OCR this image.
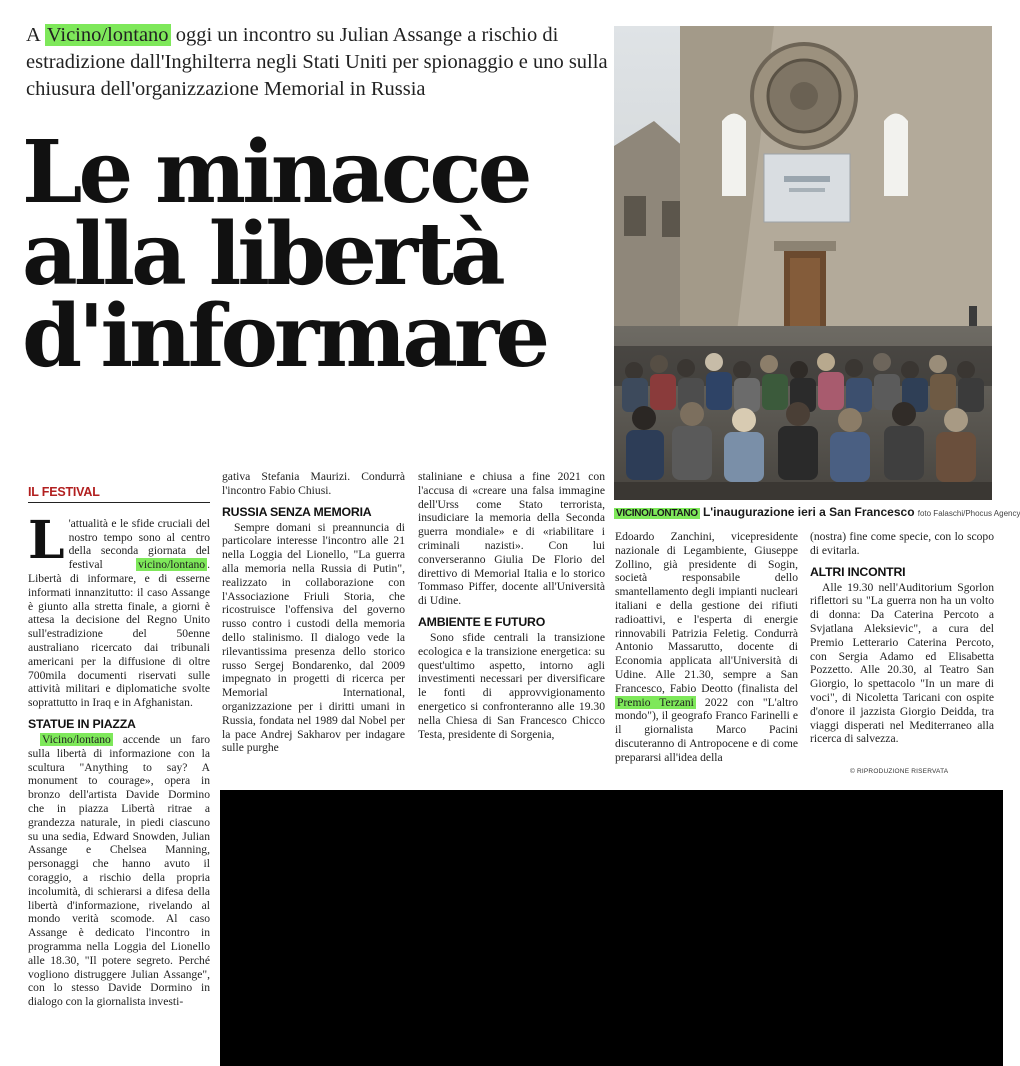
A Vicino/lontano oggi un incontro su Julian Assange a rischio di estradizione dall'Inghilterra negli Stati Uniti per spionaggio e uno sulla chiusura dell'organizzazione Memorial in Russia
Le minacce
alla libertà
d'informare
VICINO/LONTANO L'inaugurazione ieri a San Francesco foto Falaschi/Phocus Agency
IL FESTIVAL

L 'attualità e le sfide cruciali del nostro tempo sono al centro della seconda giornata del festival vicino/lontano . Libertà di informare, e di esserne informati innanzitutto: il caso Assange è giunto alla stretta finale, a giorni è attesa la decisione del Regno Unito sull'estradizione del 50enne australiano ricercato dai tribunali americani per la diffusione di oltre 700mila documenti riservati sulle attività militari e diplomatiche svolte soprattutto in Iraq e in Afghanistan.

STATUE IN PIAZZA

Vicino/lontano accende un faro sulla libertà di informazione con la scultura "Anything to say? A monument to courage», opera in bronzo dell'artista Davide Dormino che in piazza Libertà ritrae a grandezza naturale, in piedi ciascuno su una sedia, Edward Snowden, Julian Assange e Chelsea Manning, personaggi che hanno avuto il coraggio, a rischio della propria incolumità, di schierarsi a difesa della libertà d'informazione, rivelando al mondo verità scomode. Al caso Assange è dedicato l'incontro in programma nella Loggia del Lionello alle 18.30, "Il potere segreto. Perché vogliono distruggere Julian Assange", con lo stesso Davide Dormino in dialogo con la giornalista investi-

gativa Stefania Maurizi. Condurrà l'incontro Fabio Chiusi.

RUSSIA SENZA MEMORIA

Sempre domani si preannuncia di particolare interesse l'incontro alle 21 nella Loggia del Lionello, "La guerra alla memoria nella Russia di Putin", realizzato in collaborazione con l'Associazione Friuli Storia, che ricostruisce l'offensiva del governo russo contro i custodi della memoria dello stalinismo. Il dialogo vede la rilevantissima presenza dello storico russo Sergej Bondarenko, dal 2009 impegnato in progetti di ricerca per Memorial International, organizzazione per i diritti umani in Russia, fondata nel 1989 dal Nobel per la pace Andrej Sakharov per indagare sulle purghe

staliniane e chiusa a fine 2021 con l'accusa di «creare una falsa immagine dell'Urss come Stato terrorista, insudiciare la memoria della Seconda guerra mondiale» e di «riabilitare i criminali nazisti». Con lui converseranno Giulia De Florio del direttivo di Memorial Italia e lo storico Tommaso Piffer, docente all'Università di Udine.

AMBIENTE E FUTURO

Sono sfide centrali la transizione ecologica e la transizione energetica: su quest'ultimo aspetto, intorno agli investimenti necessari per diversificare le fonti di approvvigionamento energetico si confronteranno alle 19.30 nella Chiesa di San Francesco Chicco Testa, presidente di Sorgenia,

Edoardo Zanchini, vicepresidente nazionale di Legambiente, Giuseppe Zollino, già presidente di Sogin, società responsabile dello smantellamento degli impianti nucleari italiani e della gestione dei rifiuti radioattivi, e l'esperta di energie rinnovabili Patrizia Feletig. Condurrà Antonio Massarutto, docente di Economia applicata all'Università di Udine. Alle 21.30, sempre a San Francesco, Fabio Deotto (finalista del Premio Terzani 2022 con "L'altro mondo"), il geografo Franco Farinelli e il giornalista Marco Pacini discuteranno di Antropocene e di come prepararsi all'idea della

(nostra) fine come specie, con lo scopo di evitarla.

ALTRI INCONTRI

Alle 19.30 nell'Auditorium Sgorlon riflettori su "La guerra non ha un volto di donna: Da Caterina Percoto a Svjatlana Aleksievic", a cura del Premio Letterario Caterina Percoto, con Sergia Adamo ed Elisabetta Pozzetto. Alle 20.30, al Teatro San Giorgio, lo spettacolo "In un mare di voci", di Nicoletta Taricani con ospite d'onore il jazzista Giorgio Deidda, tra viaggi disperati nel Mediterraneo alla ricerca di salvezza.

© RIPRODUZIONE RISERVATA
